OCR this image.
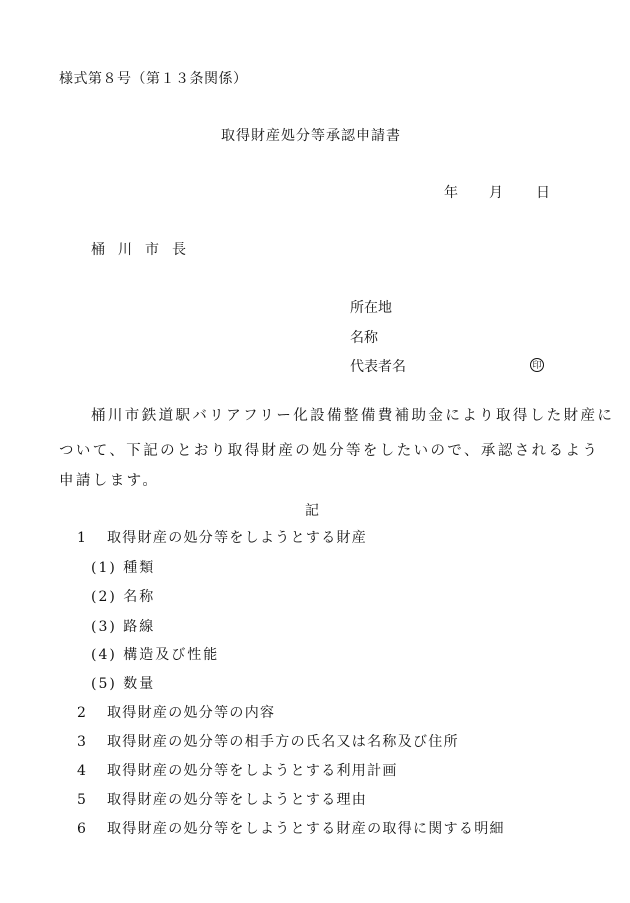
様式第８号（第１３条関係）
取得財産処分等承認申請書
年 月 日
桶川市長
所在地
名称
代表者名	印
桶川市鉄道駅バリアフリー化設備整備費補助金により取得した財産に
ついて、下記のとおり取得財産の処分等をしたいので、承認されるよう
申請します。
記
1 取得財産の処分等をしようとする財産
(1) 種類
(2) 名称
(3) 路線
(4) 構造及び性能
(5) 数量
2 取得財産の処分等の内容
3 取得財産の処分等の相手方の氏名又は名称及び住所
4 取得財産の処分等をしようとする利用計画
5 取得財産の処分等をしようとする理由
6 取得財産の処分等をしようとする財産の取得に関する明細
